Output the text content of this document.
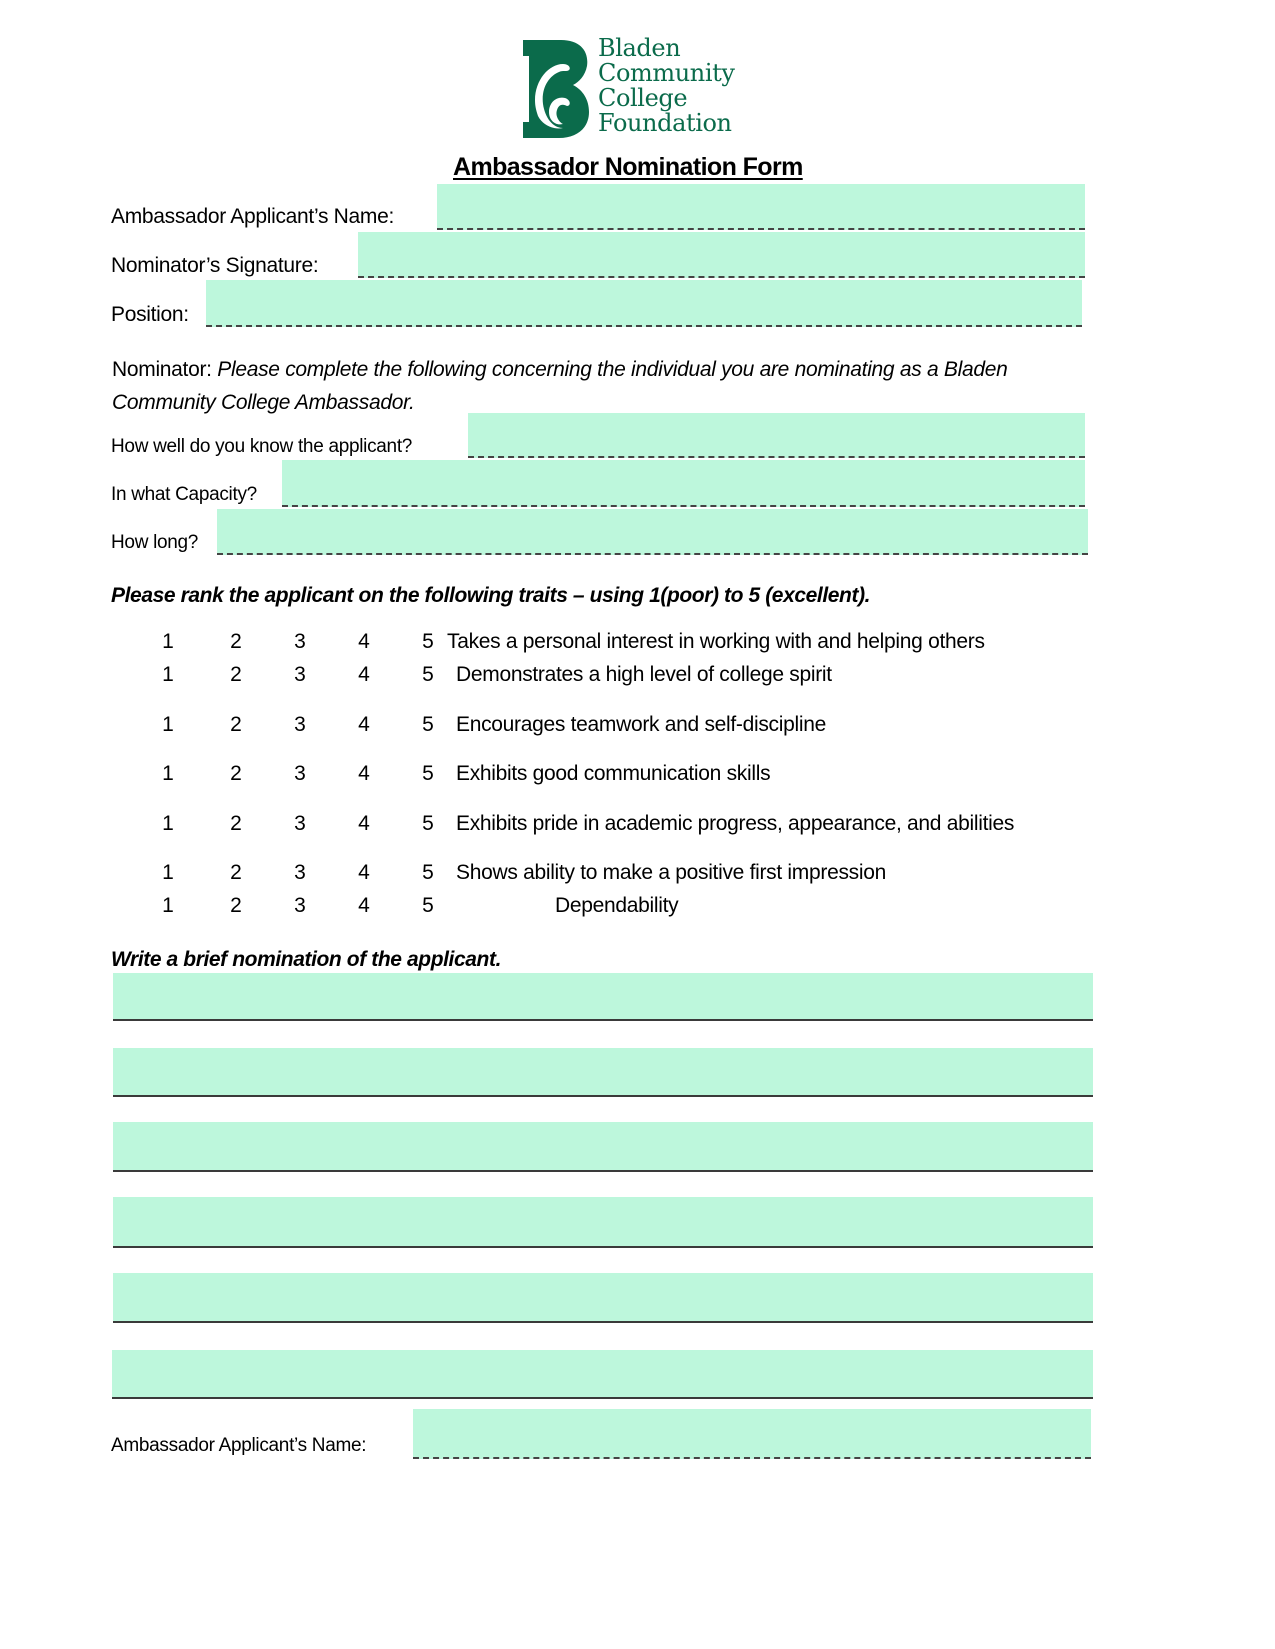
Bladen
Community
College
Foundation
Ambassador Nomination Form
Ambassador Applicant’s Name:
Nominator’s Signature:
Position:
Nominator: Please complete the following concerning the individual you are nominating as a Bladen Community College Ambassador.
How well do you know the applicant?
In what Capacity?
How long?
Please rank the applicant on the following traits – using 1(poor) to 5 (excellent).
1	2 3 4 5 Takes a personal interest in working with and helping others
1	2 3 4 5 Demonstrates a high level of college spirit
1	2 3 4 5 Encourages teamwork and self-discipline
1	2 3 4 5 Exhibits good communication skills
1	2 3 4 5 Exhibits pride in academic progress, appearance, and abilities
1	2 3 4 5 Shows ability to make a positive first impression
1	2 3 4 5	Dependability
Write a brief nomination of the applicant.
Ambassador Applicant’s Name:
